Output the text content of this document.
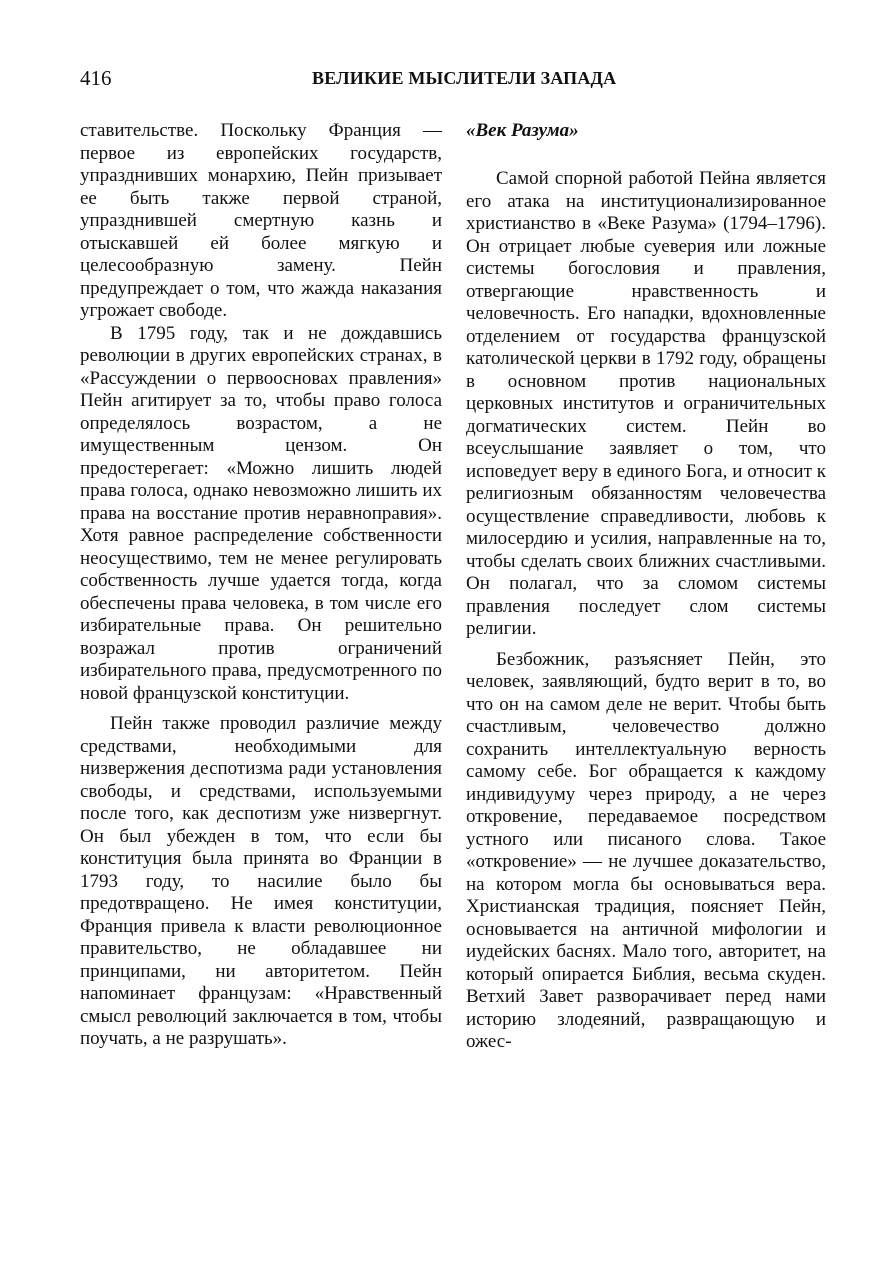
416	ВЕЛИКИЕ МЫСЛИТЕЛИ ЗАПАДА

ставительстве. Поскольку Франция — первое из европейских государств, упразднивших монархию, Пейн призывает ее быть также первой страной, упразднившей смертную казнь и отыскавшей ей более мягкую и целесообразную замену. Пейн предупреждает о том, что жажда наказания угрожает свободе.

В 1795 году, так и не дождавшись революции в других европейских странах, в «Рассуждении о первоосновах правления» Пейн агитирует за то, чтобы право голоса определялось возрастом, а не имущественным цензом. Он предостерегает: «Можно лишить людей права голоса, однако невозможно лишить их права на восстание против неравноправия». Хотя равное распределение собственности неосуществимо, тем не менее регулировать собственность лучше удается тогда, когда обеспечены права человека, в том числе его избирательные права. Он решительно возражал против ограничений избирательного права, предусмотренного по новой французской конституции.

Пейн также проводил различие между средствами, необходимыми для низвержения деспотизма ради установления свободы, и средствами, используемыми после того, как деспотизм уже низвергнут. Он был убежден в том, что если бы конституция была принята во Франции в 1793 году, то насилие было бы предотвращено. Не имея конституции, Франция привела к власти революционное правительство, не обладавшее ни принципами, ни авторитетом. Пейн напоминает французам: «Нравственный смысл революций заключается в том, чтобы поучать, а не разрушать».

«Век Разума»

Самой спорной работой Пейна является его атака на институционализированное христианство в «Веке Разума» (1794–1796). Он отрицает любые суеверия или ложные системы богословия и правления, отвергающие нравственность и человечность. Его нападки, вдохновленные отделением от государства французской католической церкви в 1792 году, обращены в основном против национальных церковных институтов и ограничительных догматических систем. Пейн во всеуслышание заявляет о том, что исповедует веру в единого Бога, и относит к религиозным обязанностям человечества осуществление справедливости, любовь к милосердию и усилия, направленные на то, чтобы сделать своих ближних счастливыми. Он полагал, что за сломом системы правления последует слом системы религии.

Безбожник, разъясняет Пейн, это человек, заявляющий, будто верит в то, во что он на самом деле не верит. Чтобы быть счастливым, человечество должно сохранить интеллектуальную верность самому себе. Бог обращается к каждому индивидууму через природу, а не через откровение, передаваемое посредством устного или писаного слова. Такое «откровение» — не лучшее доказательство, на котором могла бы основываться вера. Христианская традиция, поясняет Пейн, основывается на античной мифологии и иудейских баснях. Мало того, авторитет, на который опирается Библия, весьма скуден. Ветхий Завет разворачивает перед нами историю злодеяний, развращающую и ожес-
